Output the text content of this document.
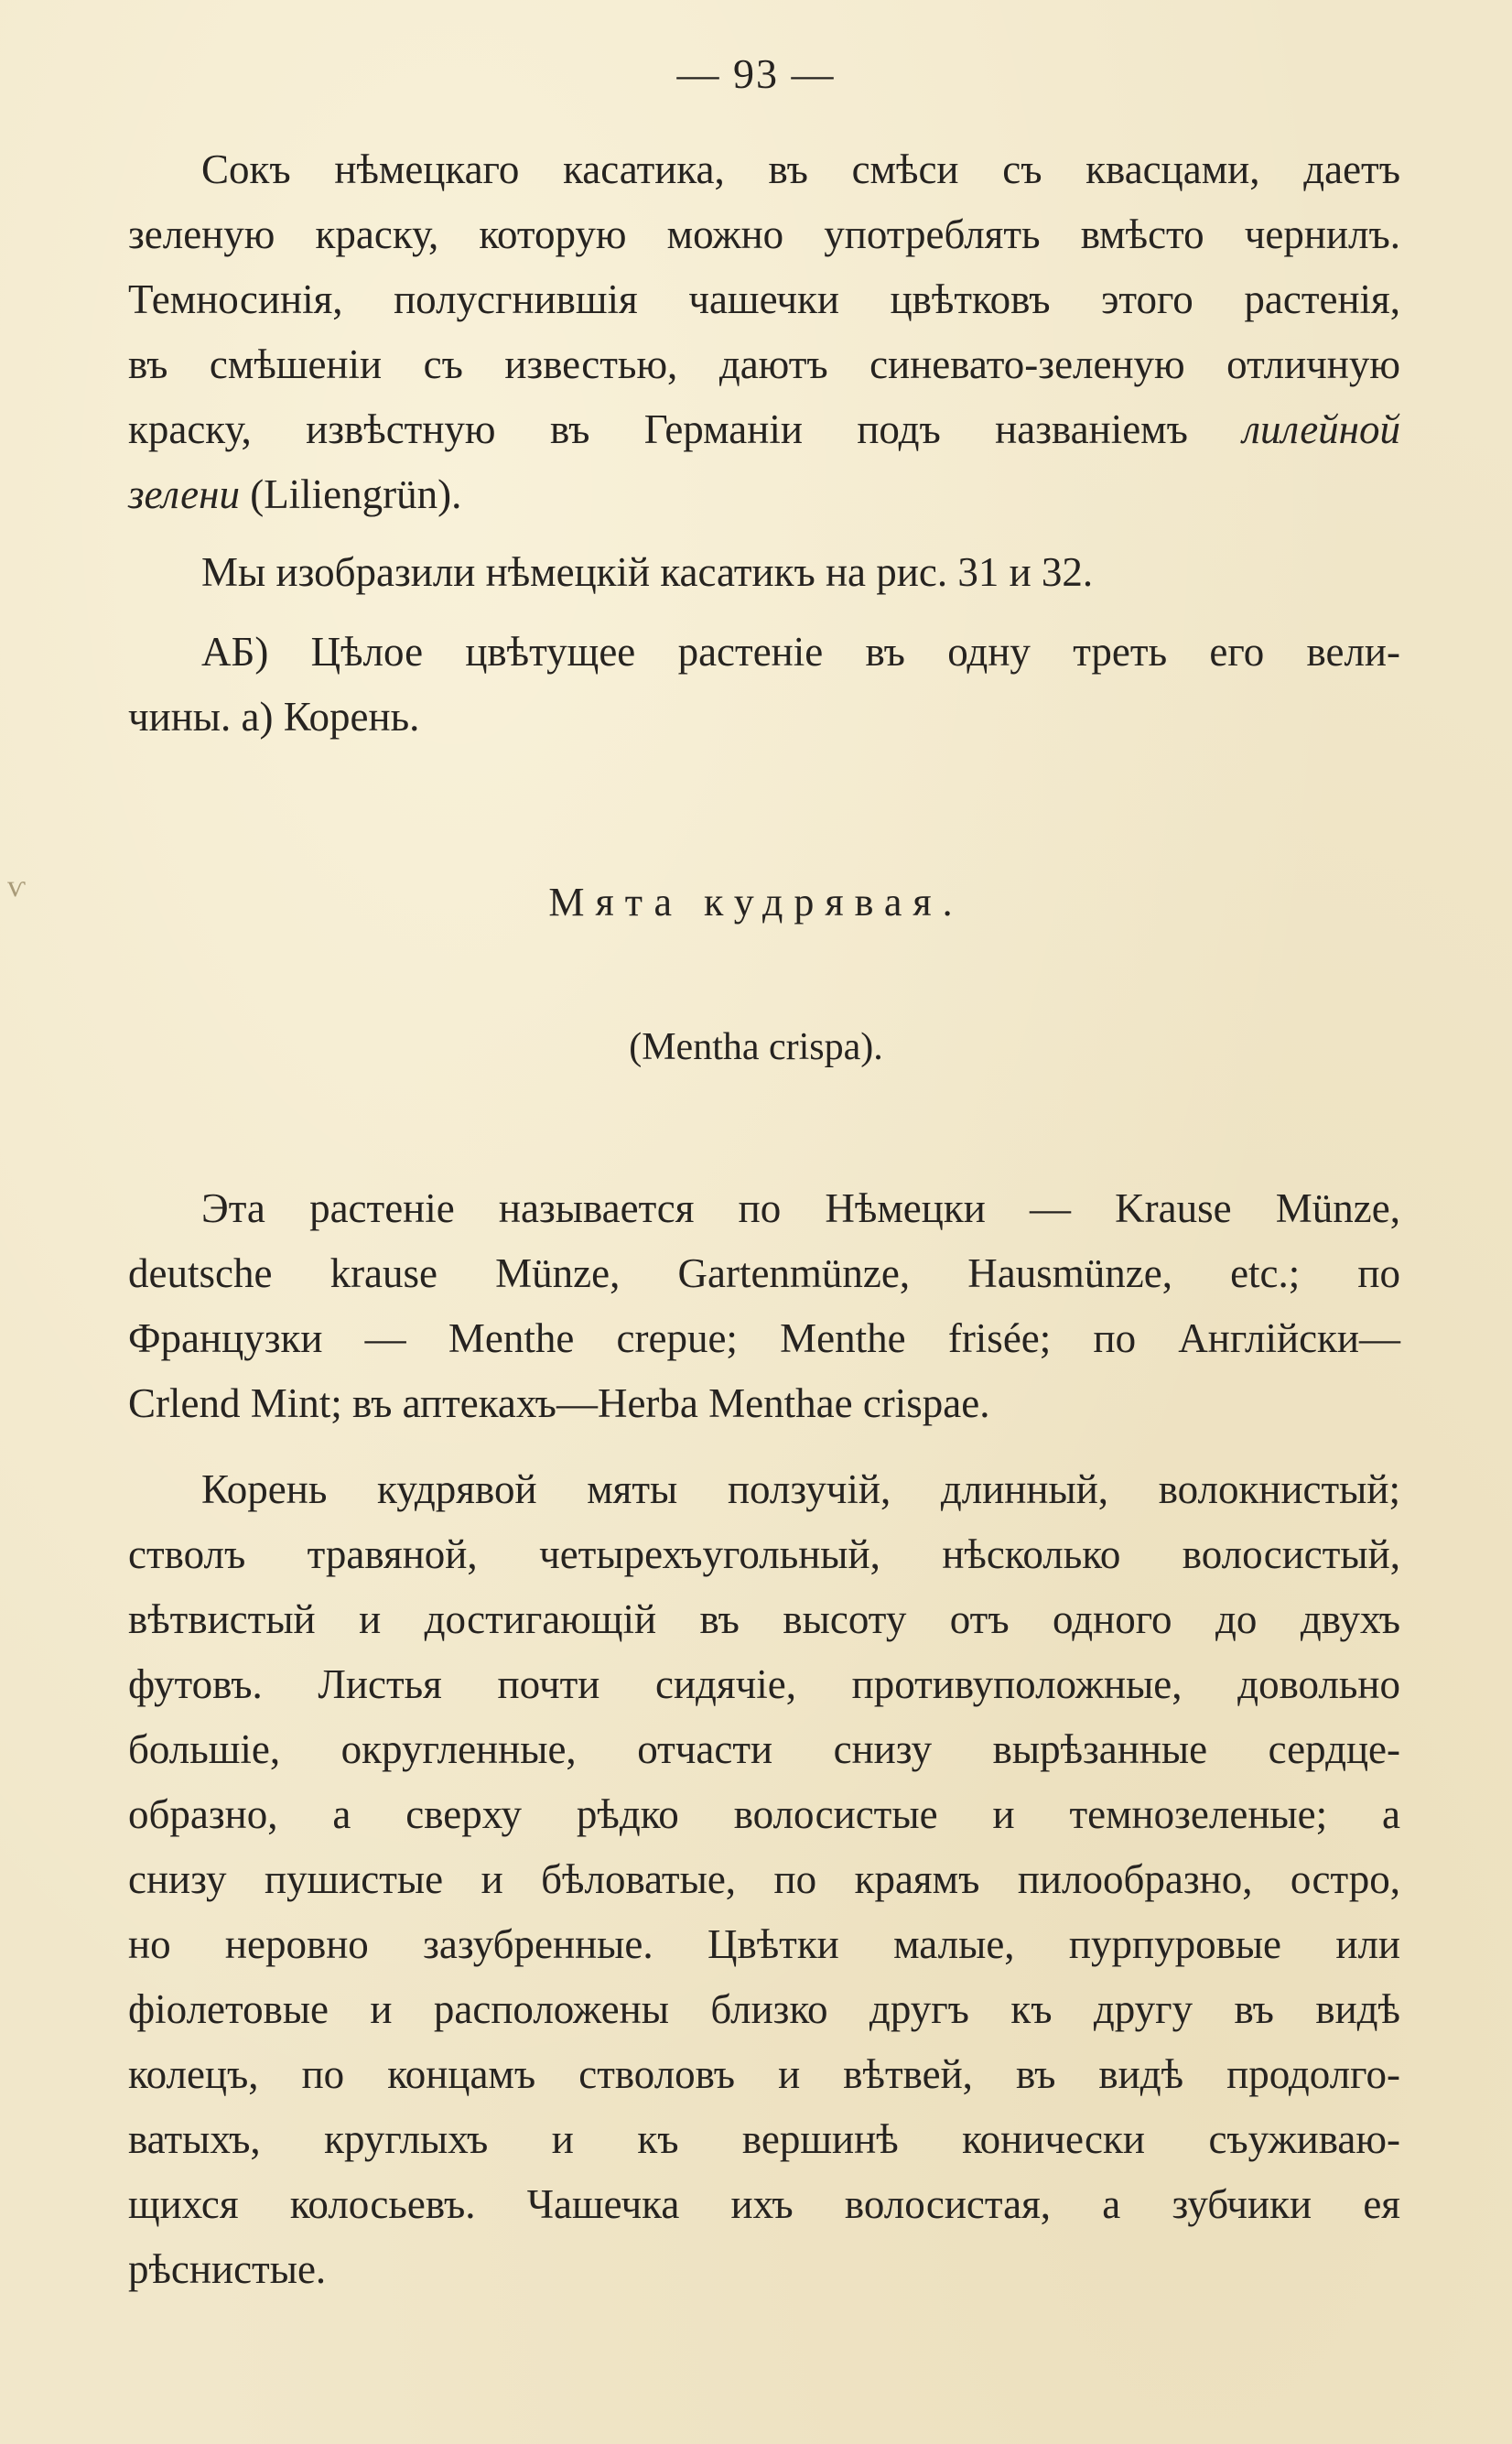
— 93 —
ѵ
Сокъ нѣмецкаго касатика, въ смѣси съ квасцами, даетъ
зеленую краску, которую можно употреблять вмѣсто чернилъ.
Темносинія, полусгнившія чашечки цвѣтковъ этого растенія,
въ смѣшеніи съ известью, даютъ синевато-зеленую отличную
краску, извѣстную въ Германіи подъ названіемъ лилейной
зелени (Liliengrün).
Мы изобразили нѣмецкій касатикъ на рис. 31 и 32.
АБ) Цѣлое цвѣтущее растеніе въ одну треть его вели-
чины. а) Корень.
Мята кудрявая.
(Mentha crispa).
Эта растеніе называется по Нѣмецки — Krause Münze,
deutsche krause Münze, Gartenmünze, Hausmünze, etc.; по
Французки — Menthe crepue; Menthe frisée; по Англійски—
Crlend Mint; въ аптекахъ—Herba Menthae crispae.
Корень кудрявой мяты ползучій, длинный, волокнистый;
стволъ травяной, четырехъугольный, нѣсколько волосистый,
вѣтвистый и достигающій въ высоту отъ одного до двухъ
футовъ. Листья почти сидячіе, противуположные, довольно
большіе, округленные, отчасти снизу вырѣзанные сердце-
образно, а сверху рѣдко волосистые и темнозеленые; а
снизу пушистые и бѣловатые, по краямъ пилообразно, остро,
но неровно зазубренные. Цвѣтки малые, пурпуровые или
фіолетовые и расположены близко другъ къ другу въ видѣ
колецъ, по концамъ стволовъ и вѣтвей, въ видѣ продолго-
ватыхъ, круглыхъ и къ вершинѣ конически съуживаю-
щихся колосьевъ. Чашечка ихъ волосистая, а зубчики ея
рѣснистые.
